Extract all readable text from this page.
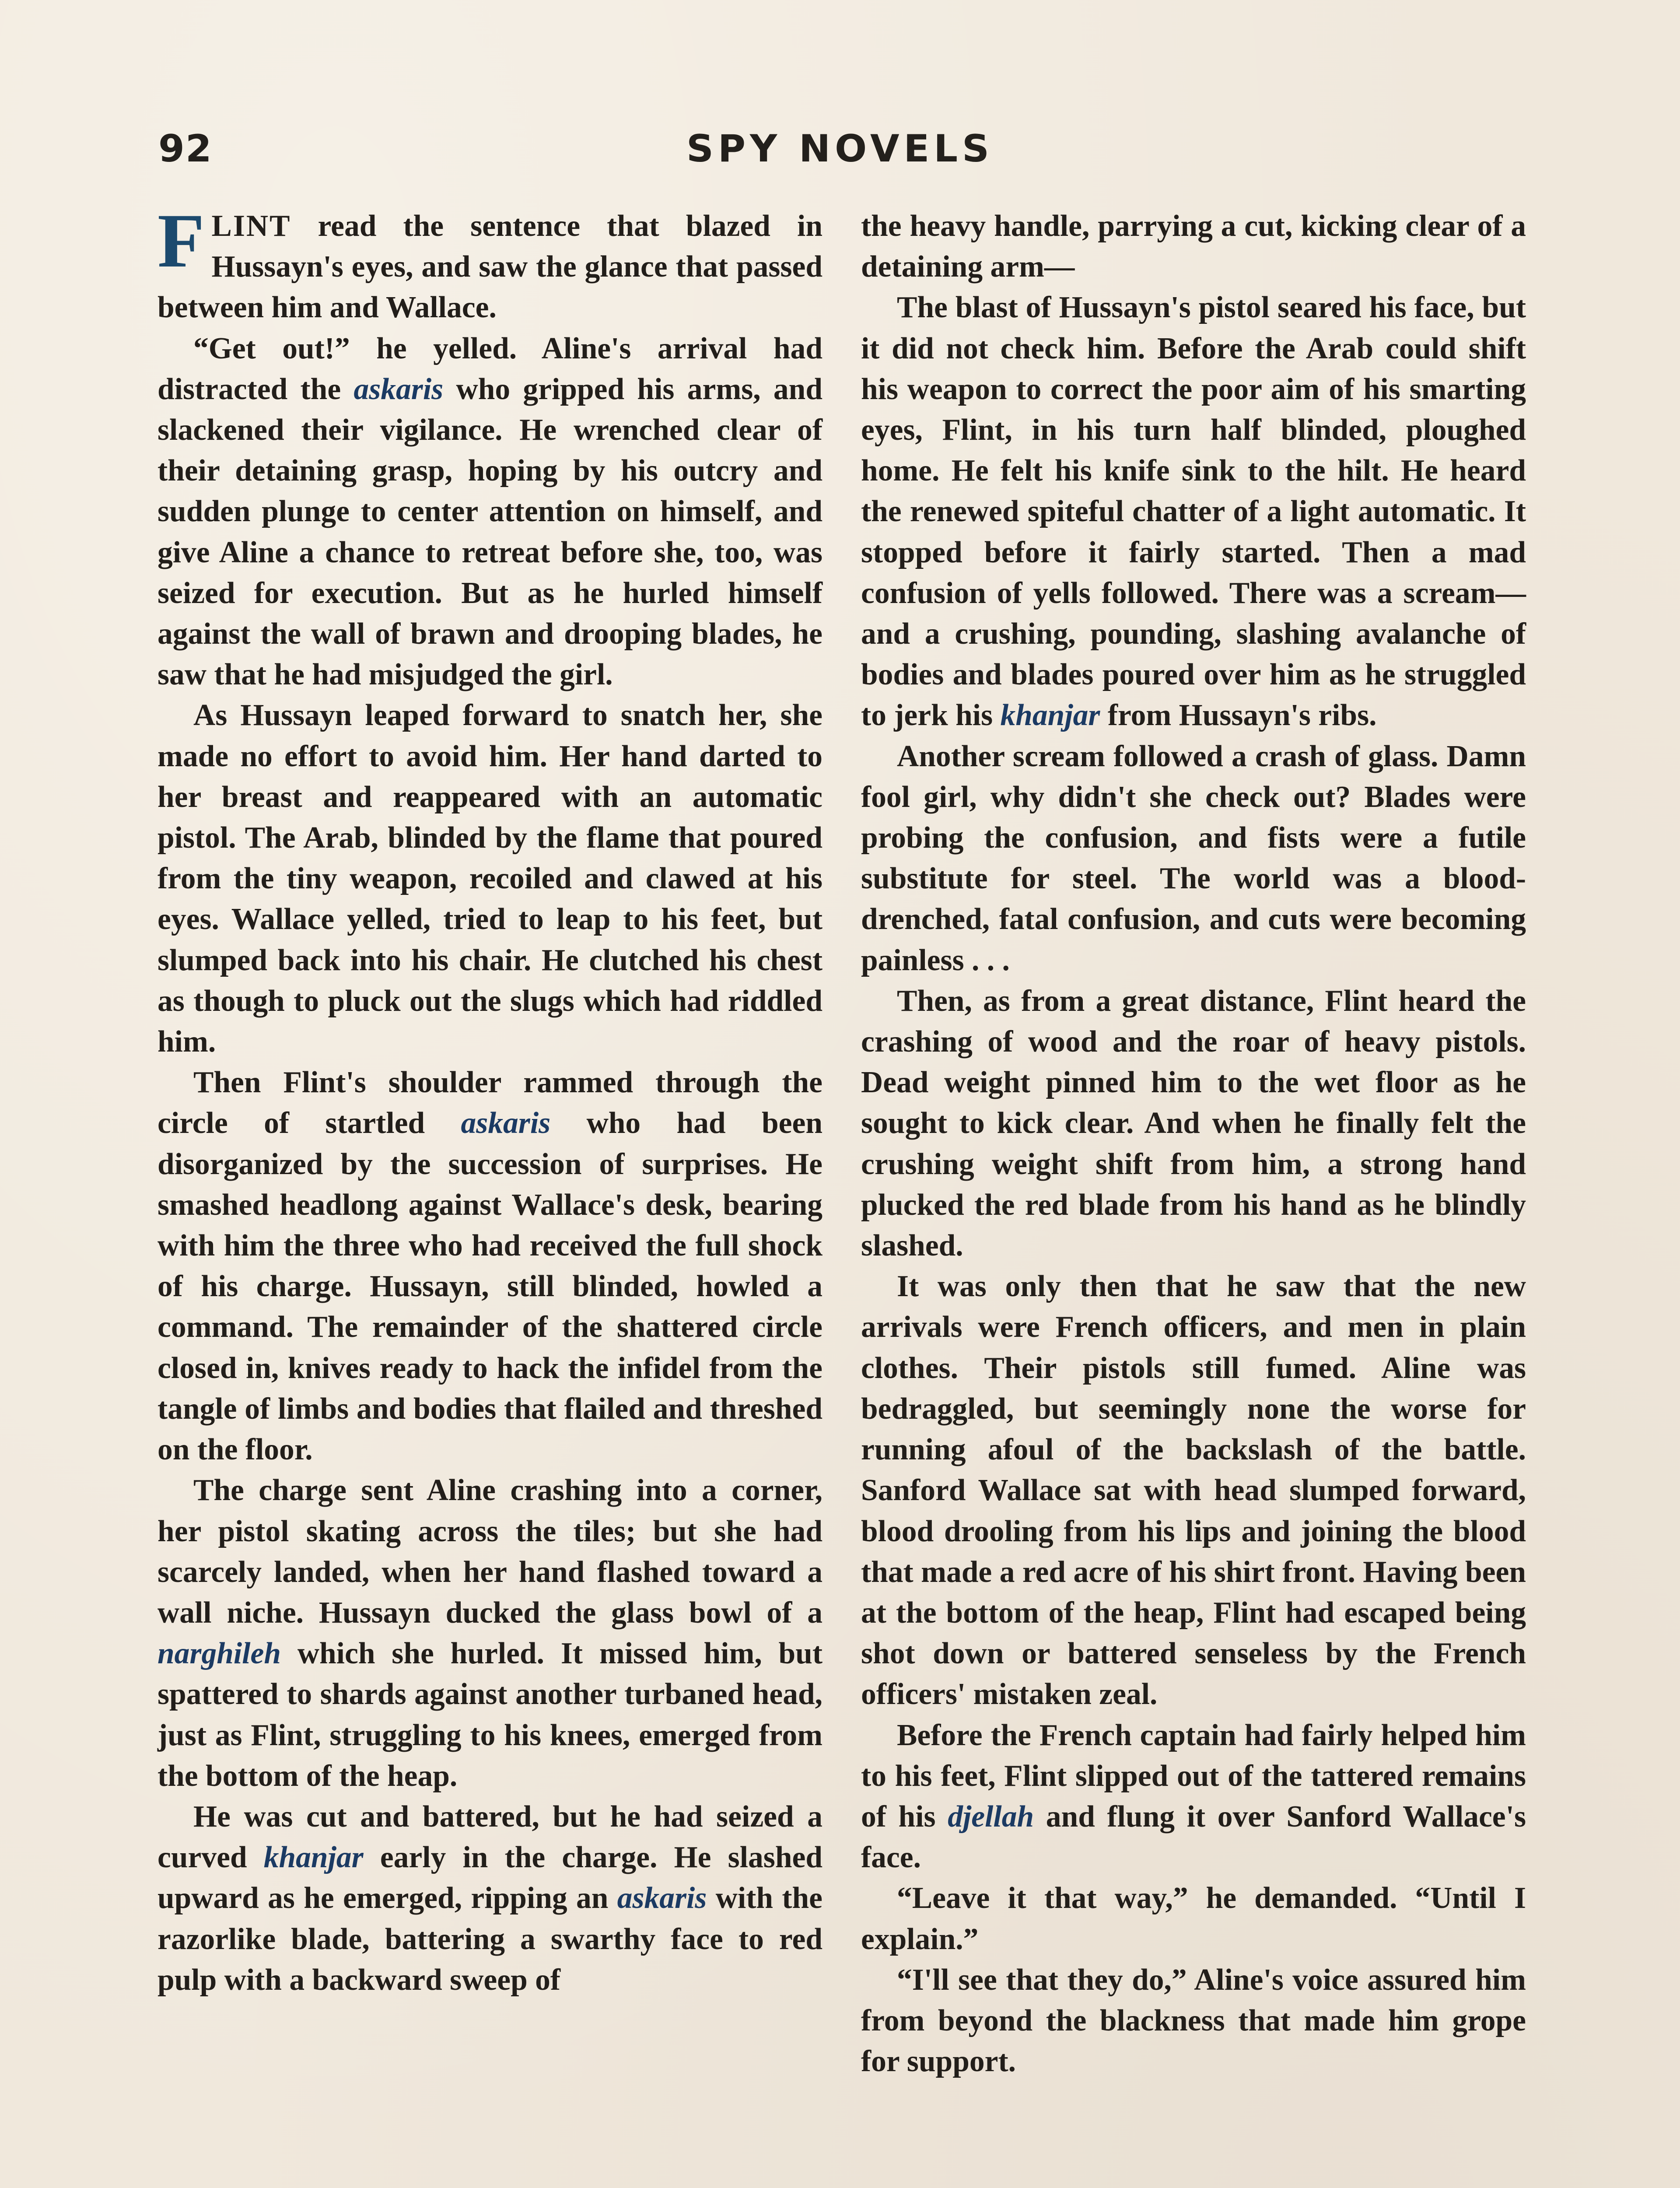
92	SPY NOVELS

FLINT read the sentence that blazed in Hussayn's eyes, and saw the glance that passed between him and Wallace.

“Get out!” he yelled. Aline's arrival had distracted the askaris who gripped his arms, and slackened their vigilance. He wrenched clear of their detaining grasp, hoping by his outcry and sudden plunge to center attention on himself, and give Aline a chance to retreat before she, too, was seized for execution. But as he hurled himself against the wall of brawn and drooping blades, he saw that he had misjudged the girl.

As Hussayn leaped forward to snatch her, she made no effort to avoid him. Her hand darted to her breast and reappeared with an automatic pistol. The Arab, blinded by the flame that poured from the tiny weapon, recoiled and clawed at his eyes. Wallace yelled, tried to leap to his feet, but slumped back into his chair. He clutched his chest as though to pluck out the slugs which had riddled him.

Then Flint's shoulder rammed through the circle of startled askaris who had been disorganized by the succession of surprises. He smashed headlong against Wallace's desk, bearing with him the three who had received the full shock of his charge. Hussayn, still blinded, howled a command. The remainder of the shattered circle closed in, knives ready to hack the infidel from the tangle of limbs and bodies that flailed and threshed on the floor.

The charge sent Aline crashing into a corner, her pistol skating across the tiles; but she had scarcely landed, when her hand flashed toward a wall niche. Hussayn ducked the glass bowl of a narghileh which she hurled. It missed him, but spattered to shards against another turbaned head, just as Flint, struggling to his knees, emerged from the bottom of the heap.

He was cut and battered, but he had seized a curved khanjar early in the charge. He slashed upward as he emerged, ripping an askaris with the razorlike blade, battering a swarthy face to red pulp with a backward sweep of

the heavy handle, parrying a cut, kicking clear of a detaining arm—

The blast of Hussayn's pistol seared his face, but it did not check him. Before the Arab could shift his weapon to correct the poor aim of his smarting eyes, Flint, in his turn half blinded, ploughed home. He felt his knife sink to the hilt. He heard the renewed spiteful chatter of a light automatic. It stopped before it fairly started. Then a mad confusion of yells followed. There was a scream—and a crushing, pounding, slashing avalanche of bodies and blades poured over him as he struggled to jerk his khanjar from Hussayn's ribs.

Another scream followed a crash of glass. Damn fool girl, why didn't she check out? Blades were probing the confusion, and fists were a futile substitute for steel. The world was a blood-drenched, fatal confusion, and cuts were becoming painless . . .

Then, as from a great distance, Flint heard the crashing of wood and the roar of heavy pistols. Dead weight pinned him to the wet floor as he sought to kick clear. And when he finally felt the crushing weight shift from him, a strong hand plucked the red blade from his hand as he blindly slashed.

It was only then that he saw that the new arrivals were French officers, and men in plain clothes. Their pistols still fumed. Aline was bedraggled, but seemingly none the worse for running afoul of the backslash of the battle. Sanford Wallace sat with head slumped forward, blood drooling from his lips and joining the blood that made a red acre of his shirt front. Having been at the bottom of the heap, Flint had escaped being shot down or battered senseless by the French officers' mistaken zeal.

Before the French captain had fairly helped him to his feet, Flint slipped out of the tattered remains of his djellah and flung it over Sanford Wallace's face.

“Leave it that way,” he demanded. “Until I explain.”

“I'll see that they do,” Aline's voice assured him from beyond the blackness that made him grope for support.
